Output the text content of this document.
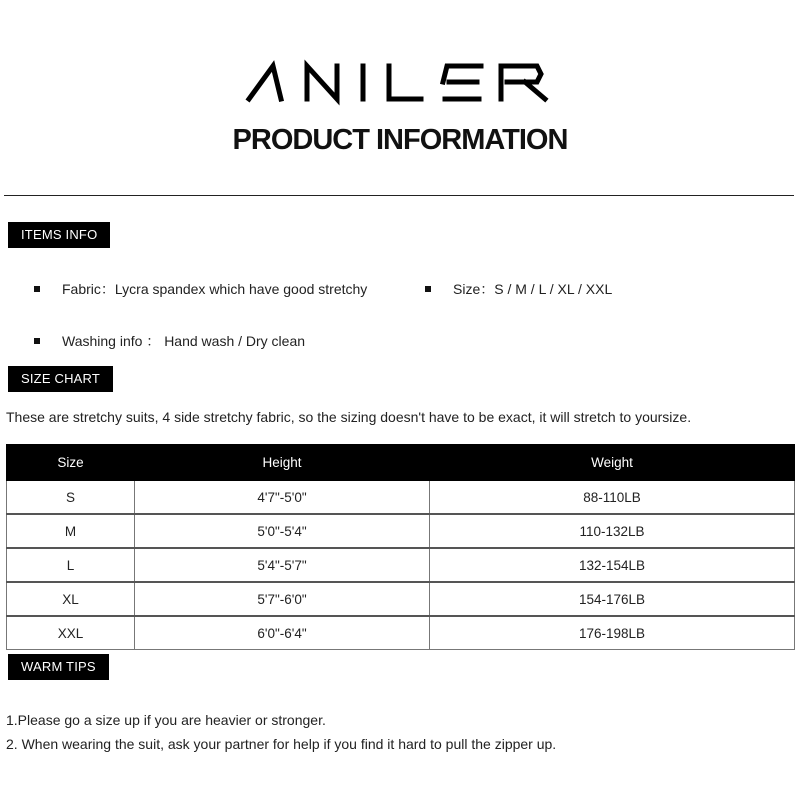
PRODUCT INFORMATION
ITEMS INFO
Fabric：Lycra spandex which have good stretchy	Size：S / M / L / XL / XXL
Washing info ： Hand wash / Dry clean
SIZE CHART
These are stretchy suits, 4 side stretchy fabric, so the sizing doesn't have to be exact, it will stretch to yoursize.
Size	Height	Weight
S	4'7"-5'0"	88-110LB
M	5'0"-5'4"	110-132LB
L	5'4"-5'7"	132-154LB
XL	5'7"-6'0"	154-176LB
XXL	6'0"-6'4"	176-198LB
WARM TIPS
1.Please go a size up if you are heavier or stronger.
2. When wearing the suit, ask your partner for help if you find it hard to pull the zipper up.
